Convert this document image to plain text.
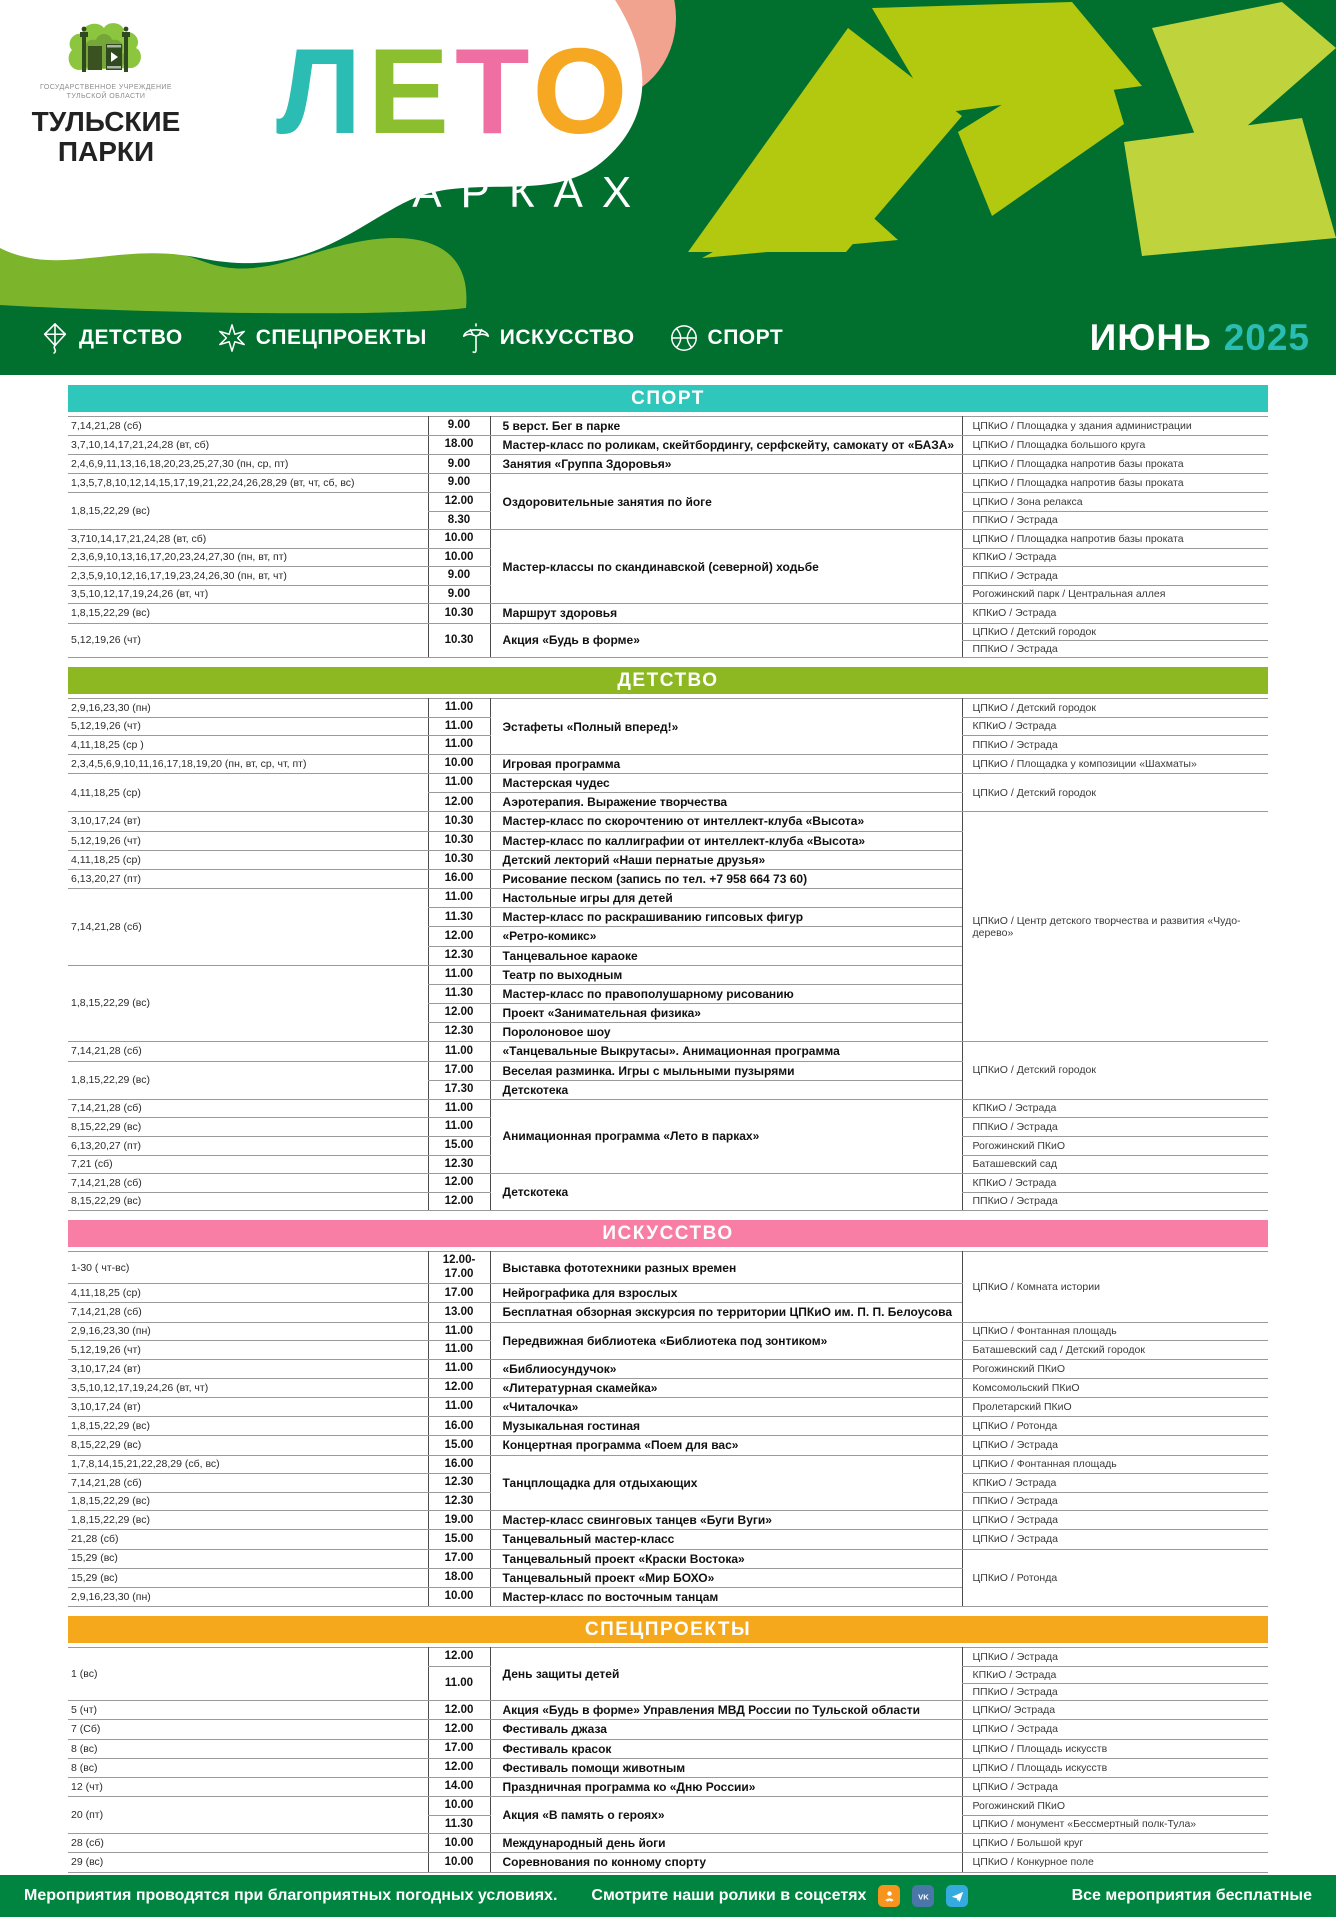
ГОСУДАРСТВЕННОЕ УЧРЕЖДЕНИЕ
ТУЛЬСКОЙ ОБЛАСТИ
ТУЛЬСКИЕ
ПАРКИ ЛЕТО
В ПАРКАХ
ДЕТСТВО	СПЕЦПРОЕКТЫ	ИСКУССТВО	СПОРТ	ИЮНЬ 2025
СПОРТ
7,14,21,28 (сб)	9.00	5 верст. Бег в парке	ЦПКиО / Площадка у здания администрации
3,7,10,14,17,21,24,28 (вт, сб)	18.00	Мастер-класс по роликам, скейтбордингу, серфскейту, самокату от «БАЗА»	ЦПКиО / Площадка большого круга
2,4,6,9,11,13,16,18,20,23,25,27,30 (пн, ср, пт)	9.00	Занятия «Группа Здоровья»	ЦПКиО / Площадка напротив базы проката
1,3,5,7,8,10,12,14,15,17,19,21,22,24,26,28,29 (вт, чт, сб, вс)	9.00	Оздоровительные занятия по йоге	ЦПКиО / Площадка напротив базы проката
1,8,15,22,29 (вс)	12.00		ЦПКиО / Зона релакса
	8.30		ППКиО / Эстрада
3,710,14,17,21,24,28 (вт, сб)	10.00	Мастер-классы по скандинавской (северной) ходьбе	ЦПКиО / Площадка напротив базы проката
2,3,6,9,10,13,16,17,20,23,24,27,30 (пн, вт, пт)	10.00		КПКиО / Эстрада
2,3,5,9,10,12,16,17,19,23,24,26,30 (пн, вт, чт)	9.00		ППКиО / Эстрада
3,5,10,12,17,19,24,26 (вт, чт)	9.00		Рогожинский парк / Центральная аллея
1,8,15,22,29 (вс)	10.30	Маршрут здоровья	КПКиО / Эстрада
5,12,19,26 (чт)	10.30	Акция «Будь в форме»	ЦПКиО / Детский городок
			ППКиО / Эстрада
ДЕТСТВО
2,9,16,23,30 (пн)	11.00	Эстафеты «Полный вперед!»	ЦПКиО / Детский городок
5,12,19,26 (чт)	11.00		КПКиО / Эстрада
4,11,18,25 (ср )	11.00		ППКиО / Эстрада
2,3,4,5,6,9,10,11,16,17,18,19,20 (пн, вт, ср, чт, пт)	10.00	Игровая программа	ЦПКиО / Площадка у композиции «Шахматы»
4,11,18,25 (ср)	11.00	Мастерская чудес	ЦПКиО / Детский городок
	12.00	Аэротерапия. Выражение творчества	
3,10,17,24 (вт)	10.30	Мастер-класс по скорочтению от интеллект-клуба «Высота»	ЦПКиО / Центр детского творчества и развития «Чудо-дерево»
5,12,19,26 (чт)	10.30	Мастер-класс по каллиграфии от интеллект-клуба «Высота»	
4,11,18,25 (ср)	10.30	Детский лекторий «Наши пернатые друзья»	
6,13,20,27 (пт)	16.00	Рисование песком (запись по тел. +7 958 664 73 60)	
7,14,21,28 (сб)	11.00	Настольные игры для детей	
	11.30	Мастер-класс по раскрашиванию гипсовых фигур	
	12.00	«Ретро-комикс»	
	12.30	Танцевальное караоке	
1,8,15,22,29 (вс)	11.00	Театр по выходным	
	11.30	Мастер-класс по правополушарному рисованию	
	12.00	Проект «Занимательная физика»	
	12.30	Поролоновое шоу	
7,14,21,28 (сб)	11.00	«Танцевальные Выкрутасы». Анимационная программа	ЦПКиО / Детский городок
1,8,15,22,29 (вс)	17.00	Веселая разминка. Игры с мыльными пузырями	
	17.30	Детскотека	
7,14,21,28 (сб)	11.00	Анимационная программа «Лето в парках»	КПКиО / Эстрада
8,15,22,29 (вс)	11.00		ППКиО / Эстрада
6,13,20,27 (пт)	15.00		Рогожинский ПКиО
7,21 (сб)	12.30		Баташевский сад
7,14,21,28 (сб)	12.00	Детскотека	КПКиО / Эстрада
8,15,22,29 (вс)	12.00		ППКиО / Эстрада
ИСКУССТВО
1-30 ( чт-вс)	12.00-17.00	Выставка фототехники разных времен	ЦПКиО / Комната истории
4,11,18,25 (ср)	17.00	Нейрографика для взрослых	
7,14,21,28 (сб)	13.00	Бесплатная обзорная экскурсия по территории ЦПКиО им. П. П. Белоусова	
2,9,16,23,30 (пн)	11.00	Передвижная библиотека «Библиотека под зонтиком»	ЦПКиО / Фонтанная площадь
5,12,19,26 (чт)	11.00		Баташевский сад / Детский городок
3,10,17,24 (вт)	11.00	«Библиосундучок»	Рогожинский ПКиО
3,5,10,12,17,19,24,26 (вт, чт)	12.00	«Литературная скамейка»	Комсомольский ПКиО
3,10,17,24 (вт)	11.00	«Читалочка»	Пролетарский ПКиО
1,8,15,22,29 (вс)	16.00	Музыкальная гостиная	ЦПКиО / Ротонда
8,15,22,29 (вс)	15.00	Концертная программа «Поем для вас»	ЦПКиО / Эстрада
1,7,8,14,15,21,22,28,29 (сб, вс)	16.00	Танцплощадка для отдыхающих	ЦПКиО / Фонтанная площадь
7,14,21,28 (сб)	12.30		КПКиО / Эстрада
1,8,15,22,29 (вс)	12.30		ППКиО / Эстрада
1,8,15,22,29 (вс)	19.00	Мастер-класс свинговых танцев «Буги Вуги»	ЦПКиО / Эстрада
21,28 (сб)	15.00	Танцевальный мастер-класс	ЦПКиО / Эстрада
15,29 (вс)	17.00	Танцевальный проект «Краски Востока»	ЦПКиО / Ротонда
15,29 (вс)	18.00	Танцевальный проект «Мир БОХО»	
2,9,16,23,30 (пн)	10.00	Мастер-класс по восточным танцам	
СПЕЦПРОЕКТЫ
1 (вс)	12.00	День защиты детей	ЦПКиО / Эстрада
	11.00		КПКиО / Эстрада
			ППКиО / Эстрада
5 (чт)	12.00	Акция «Будь в форме» Управления МВД России по Тульской области	ЦПКиО/ Эстрада
7 (Сб)	12.00	Фестиваль джаза	ЦПКиО / Эстрада
8 (вс)	17.00	Фестиваль красок	ЦПКиО / Площадь искусств
8 (вс)	12.00	Фестиваль помощи животным	ЦПКиО / Площадь искусств
12 (чт)	14.00	Праздничная программа ко «Дню России»	ЦПКиО / Эстрада
20 (пт)	10.00	Акция «В память о героях»	Рогожинский ПКиО
	11.30		ЦПКиО / монумент «Бессмертный полк-Тула»
28 (сб)	10.00	Международный день йоги	ЦПКиО / Большой круг
29 (вс)	10.00	Соревнования по конному спорту	ЦПКиО / Конкурное поле
Мероприятия проводятся при благоприятных погодных условиях. Смотрите наши ролики в соцсетях	VK	Все мероприятия бесплатные
